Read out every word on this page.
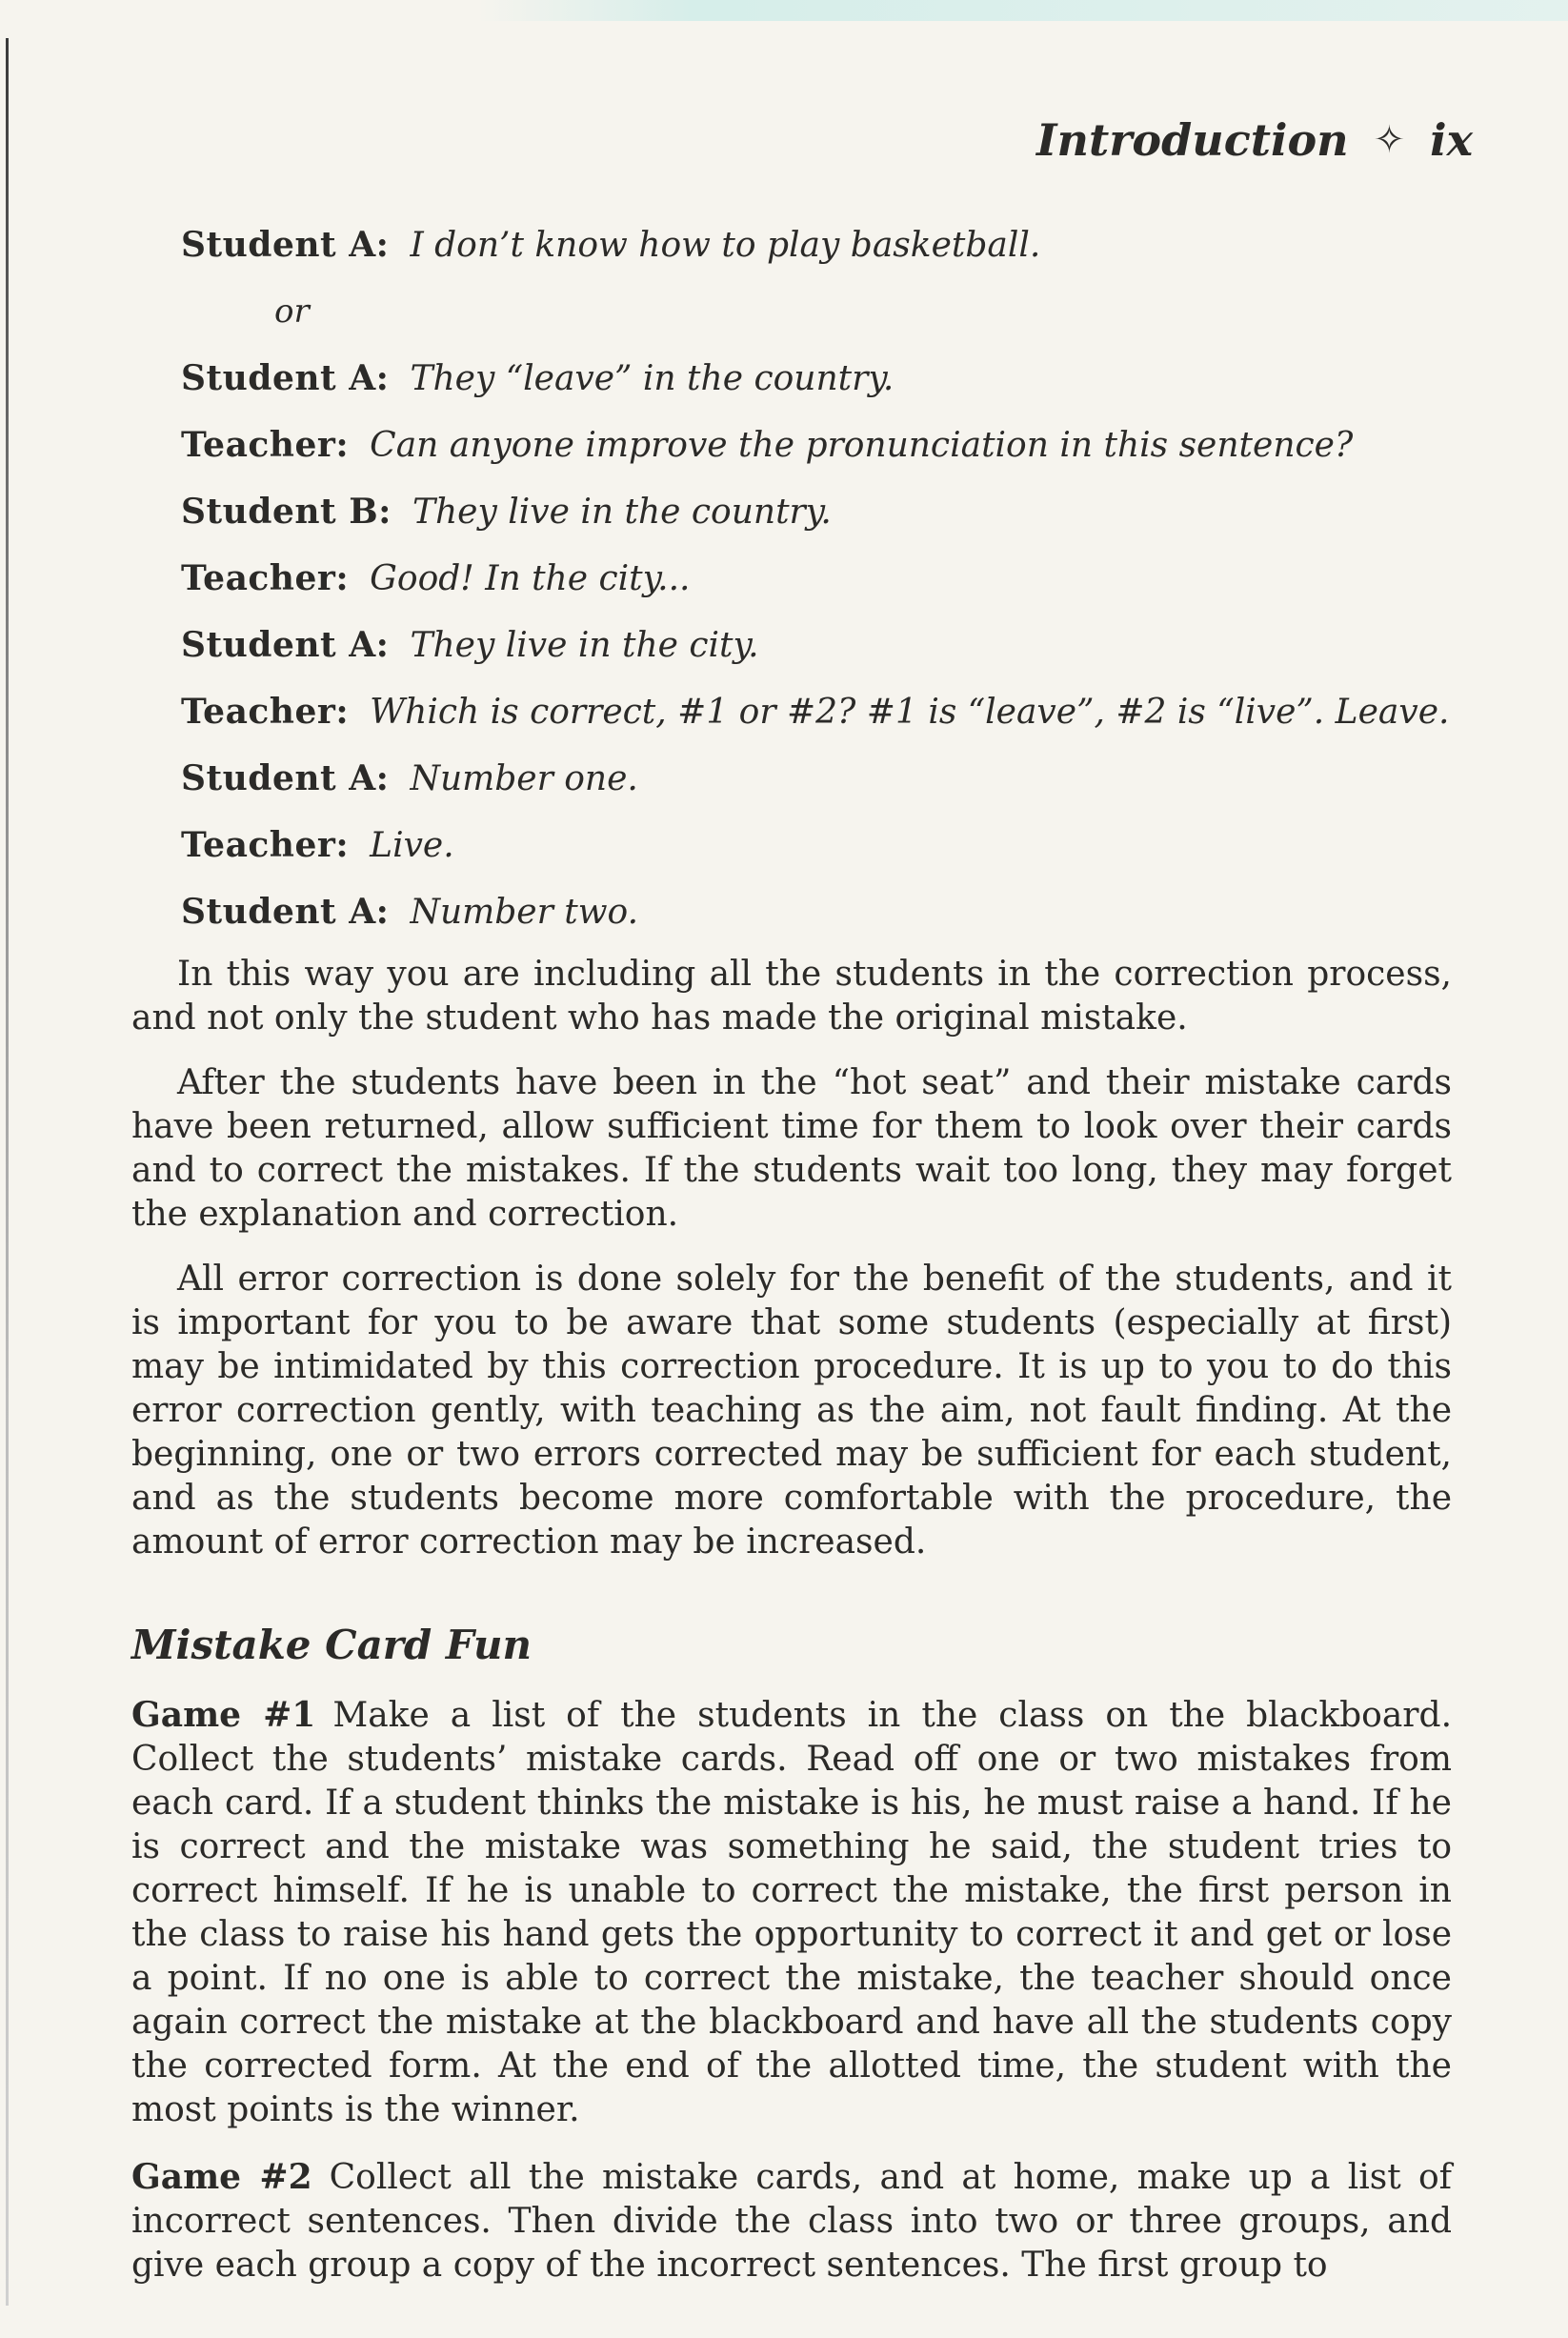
Introduction ✧ ix
Student A: I don’t know how to play basketball.
or
Student A: They “leave” in the country.
Teacher: Can anyone improve the pronunciation in this sentence?
Student B: They live in the country.
Teacher: Good! In the city...
Student A: They live in the city.
Teacher: Which is correct, #1 or #2? #1 is “leave”, #2 is “live”. Leave.
Student A: Number one.
Teacher: Live.
Student A: Number two.

In this way you are including all the students in the correction process, and not only the student who has made the original mistake.

After the students have been in the “hot seat” and their mistake cards have been returned, allow sufficient time for them to look over their cards and to correct the mistakes. If the students wait too long, they may forget the explanation and correction.

All error correction is done solely for the benefit of the students, and it is important for you to be aware that some students (especially at first) may be intimidated by this correction procedure. It is up to you to do this error correction gently, with teaching as the aim, not fault finding. At the beginning, one or two errors corrected may be sufficient for each student, and as the students become more comfortable with the procedure, the amount of error correction may be increased.

Mistake Card Fun

Game #1 Make a list of the students in the class on the blackboard. Collect the students’ mistake cards. Read off one or two mistakes from each card. If a student thinks the mistake is his, he must raise a hand. If he is correct and the mistake was something he said, the student tries to correct himself. If he is unable to correct the mistake, the first person in the class to raise his hand gets the opportunity to correct it and get or lose a point. If no one is able to correct the mistake, the teacher should once again correct the mistake at the blackboard and have all the students copy the corrected form. At the end of the allotted time, the student with the most points is the winner.

Game #2 Collect all the mistake cards, and at home, make up a list of incorrect sentences. Then divide the class into two or three groups, and give each group a copy of the incorrect sentences. The first group to
